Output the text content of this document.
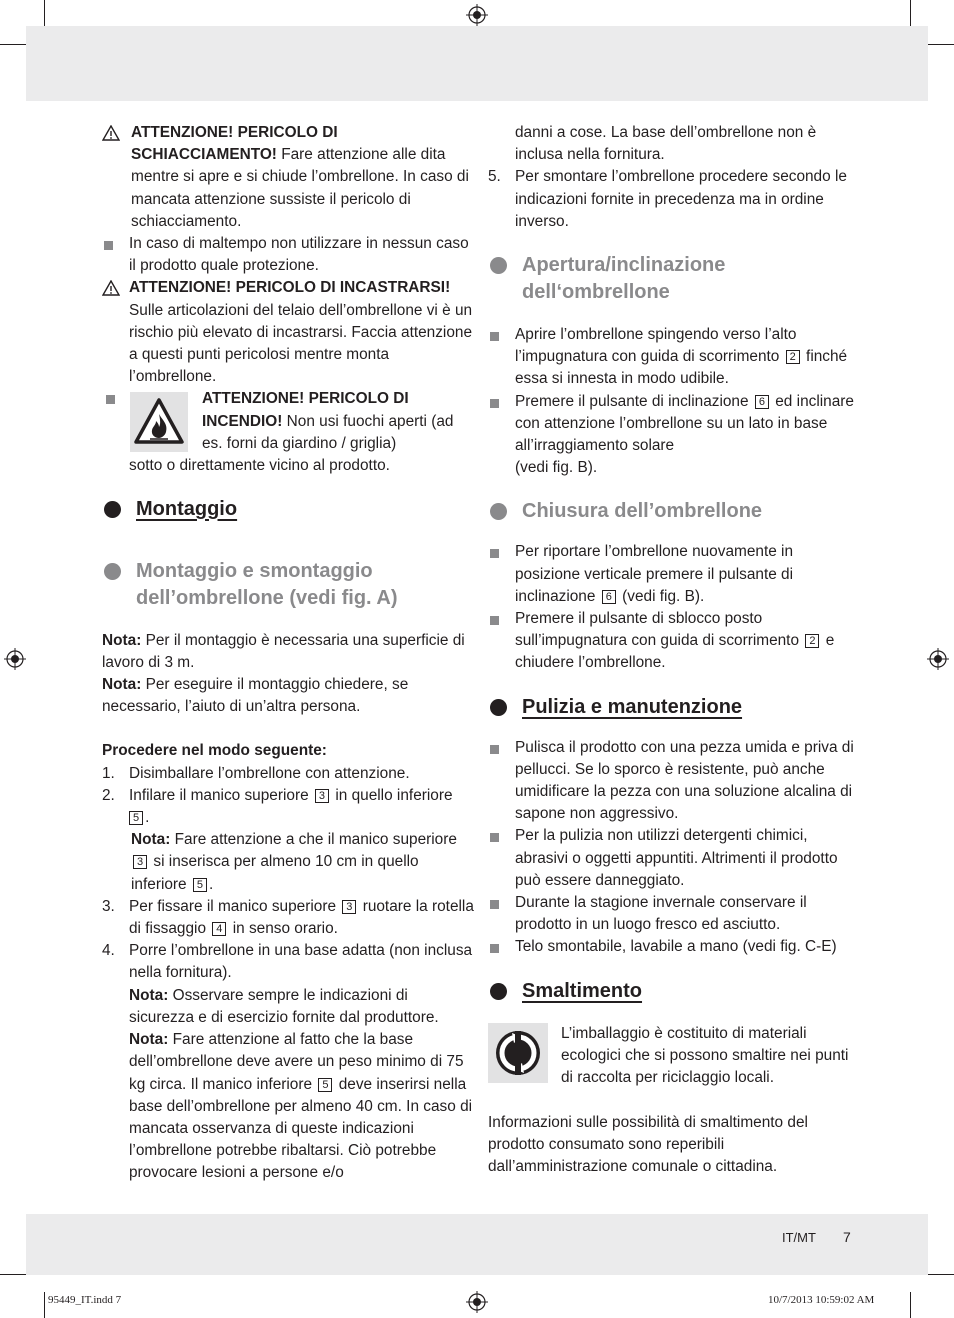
ATTENZIONE! PERICOLO DI SCHIACCIAMENTO! Fare attenzione alle dita mentre si apre e si chiude l’ombrellone. In caso di mancata attenzione sussiste il pericolo di schiacciamento.

In caso di maltempo non utilizzare in nessun caso il prodotto quale protezione.

ATTENZIONE! PERICOLO DI INCASTRARSI! Sulle articolazioni del telaio dell’ombrellone vi è un rischio più elevato di incastrarsi. Faccia attenzione a questi punti pericolosi mentre monta l’ombrellone.

ATTENZIONE! PERICOLO DI INCENDIO! Non usi fuochi aperti (ad es. forni da giardino / griglia)

sotto o direttamente vicino al prodotto.

Montaggio
Montaggio e smontaggio
dell’ombrellone (vedi fig. A)

Nota: Per il montaggio è necessaria una superficie di lavoro di 3 m.

Nota: Per eseguire il montaggio chiedere, se necessario, l’aiuto di un’altra persona.

Procedere nel modo seguente:

1. Disimballare l’ombrellone con attenzione.

2. Infilare il manico superiore 3 in quello inferiore
5 .

Nota: Fare attenzione a che il manico superiore 3 si inserisca per almeno 10 cm in quello inferiore 5 .

3. Per fissare il manico superiore 3 ruotare la rotella di fissaggio 4 in senso orario.

4. Porre l’ombrellone in una base adatta (non inclusa nella fornitura).
Nota: Osservare sempre le indicazioni di sicurezza e di esercizio fornite dal produttore.
Nota: Fare attenzione al fatto che la base dell’ombrellone deve avere un peso minimo di 75 kg circa. Il manico inferiore 5 deve inserirsi nella base dell’ombrellone per almeno 40 cm. In caso di mancata osservanza di queste indicazioni l’ombrellone potrebbe ribaltarsi. Ciò potrebbe provocare lesioni a persone e/o

danni a cose. La base dell’ombrellone non è inclusa nella fornitura.

5. Per smontare l’ombrellone procedere secondo le indicazioni fornite in precedenza ma in ordine inverso.

Apertura/inclinazione
dell‘ombrellone

Aprire l’ombrellone spingendo verso l’alto l’impugnatura con guida di scorrimento 2 finché essa si innesta in modo udibile.

Premere il pulsante di inclinazione 6 ed inclinare con attenzione l’ombrellone su un lato in base all’irraggiamento solare
(vedi fig. B).

Chiusura dell’ombrellone

Per riportare l’ombrellone nuovamente in posizione verticale premere il pulsante di inclinazione 6 (vedi fig. B).

Premere il pulsante di sblocco posto sull’impugnatura con guida di scorrimento 2 e chiudere l’ombrellone.

Pulizia e manutenzione

Pulisca il prodotto con una pezza umida e priva di pellucci. Se lo sporco è resistente, può anche umidificare la pezza con una soluzione alcalina di sapone non aggressivo.

Per la pulizia non utilizzi detergenti chimici, abrasivi o oggetti appuntiti. Altrimenti il prodotto può essere danneggiato.

Durante la stagione invernale conservare il prodotto in un luogo fresco ed asciutto.

Telo smontabile, lavabile a mano (vedi fig. C-E)

Smaltimento

L’imballaggio è costituito di materiali ecologici che si possono smaltire nei punti di raccolta per riciclaggio locali.

Informazioni sulle possibilità di smaltimento del prodotto consumato sono reperibili dall’amministrazione comunale o cittadina.

IT/MT 7
95449_IT.indd 7	10/7/2013 10:59:02 AM
